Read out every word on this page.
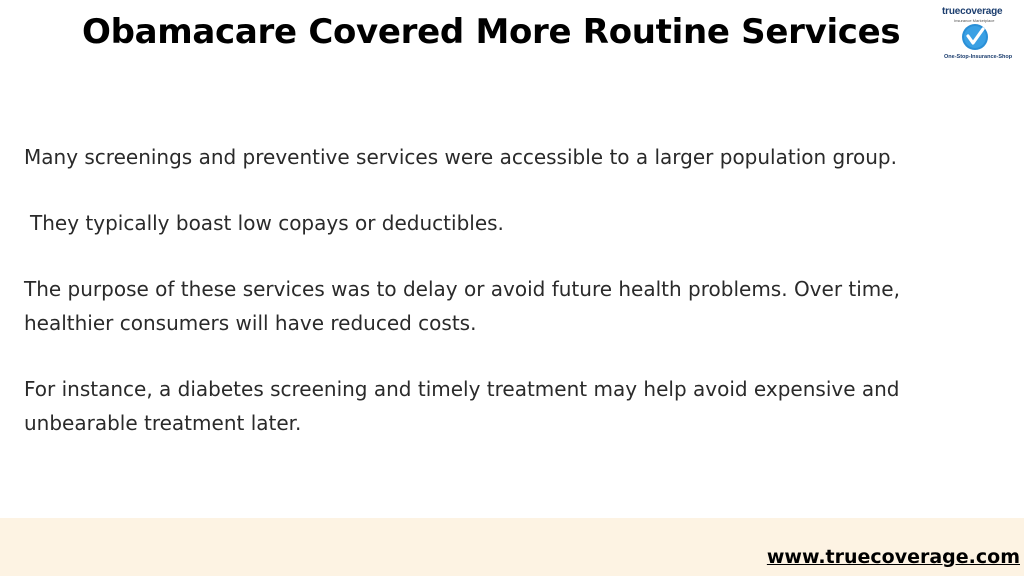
Obamacare Covered More Routine Services
truecoverage
Insurance Marketplace
One-Stop-Insurance-Shop

Many screenings and preventive services were accessible to a larger population group.

They typically boast low copays or deductibles.

The purpose of these services was to delay or avoid future health problems. Over time, healthier consumers will have reduced costs.

For instance, a diabetes screening and timely treatment may help avoid expensive and unbearable treatment later.

www.truecoverage.com
